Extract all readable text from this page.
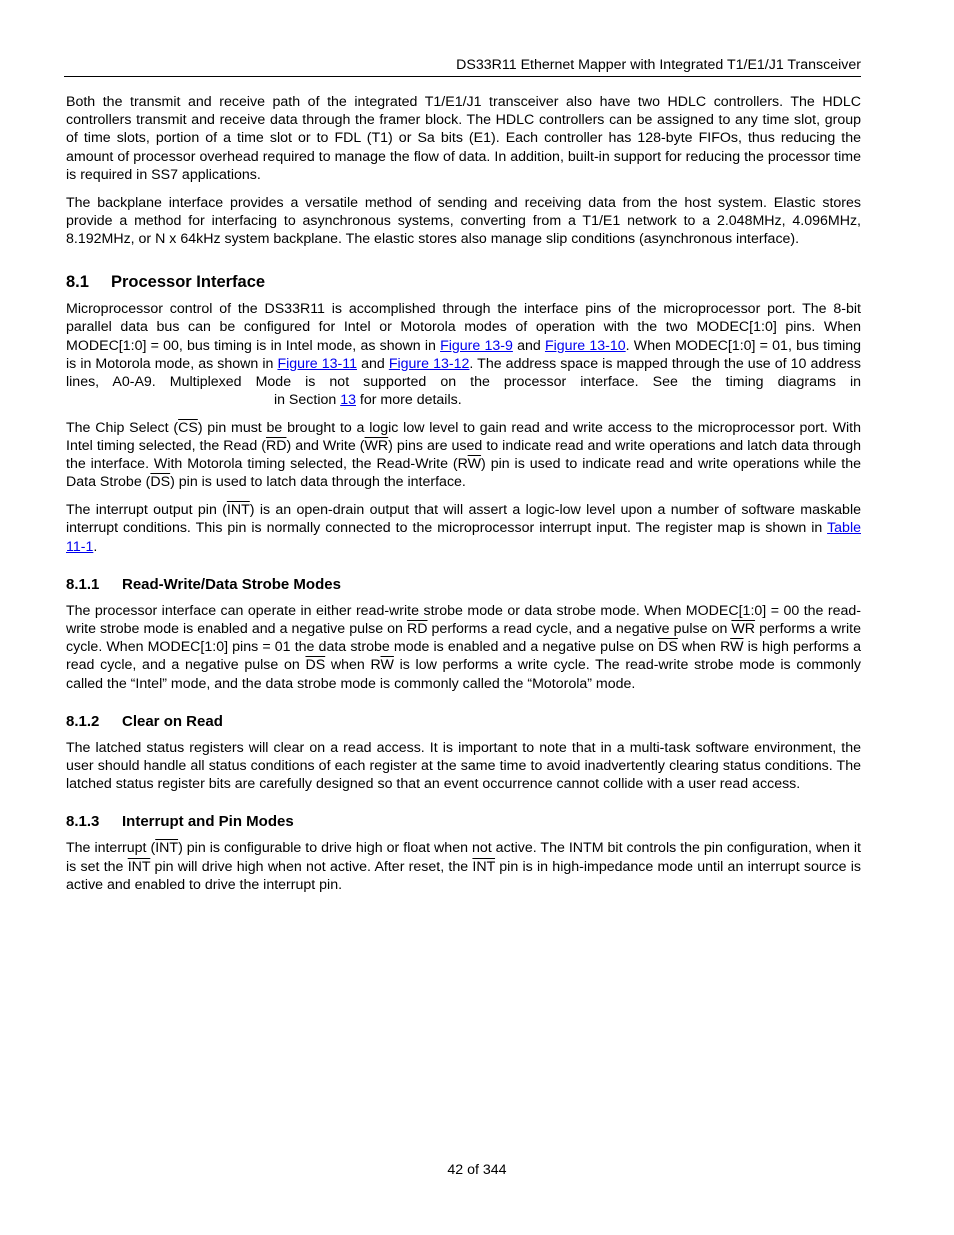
DS33R11 Ethernet Mapper with Integrated T1/E1/J1 Transceiver

Both the transmit and receive path of the integrated T1/E1/J1 transceiver also have two HDLC controllers. The HDLC controllers transmit and receive data through the framer block. The HDLC controllers can be assigned to any time slot, group of time slots, portion of a time slot or to FDL (T1) or Sa bits (E1). Each controller has 128-byte FIFOs, thus reducing the amount of processor overhead required to manage the flow of data. In addition, built-in support for reducing the processor time is required in SS7 applications.

The backplane interface provides a versatile method of sending and receiving data from the host system. Elastic stores provide a method for interfacing to asynchronous systems, converting from a T1/E1 network to a 2.048MHz, 4.096MHz, 8.192MHz, or N x 64kHz system backplane. The elastic stores also manage slip conditions (asynchronous interface).

8.1 Processor Interface

Microprocessor control of the DS33R11 is accomplished through the interface pins of the microprocessor port. The 8-bit parallel data bus can be configured for Intel or Motorola modes of operation with the two MODEC[1:0] pins. When MODEC[1:0] = 00, bus timing is in Intel mode, as shown in Figure 13-9 and Figure 13-10. When MODEC[1:0] = 01, bus timing is in Motorola mode, as shown in Figure 13-11 and Figure 13-12. The address space is mapped through the use of 10 address lines, A0-A9. Multiplexed Mode is not supported on the processor interface. See the timing diagrams in  in Section 13 for more details.

The Chip Select $(\overline{CS})$ pin must be brought to a logic low level to gain read and write access to the microprocessor port. With Intel timing selected, the Read $(\overline{RD})$ and Write $(\overline{WR})$ pins are used to indicate read and write operations and latch data through the interface. With Motorola timing selected, the Read-Write $(R\overline{W})$ pin is used to indicate read and write operations while the Data Strobe $(\overline{DS})$ pin is used to latch data through the interface.

The interrupt output pin $(\overline{INT})$ is an open-drain output that will assert a logic-low level upon a number of software maskable interrupt conditions. This pin is normally connected to the microprocessor interrupt input. The register map is shown in Table 11-1.

8.1.1 Read-Write/Data Strobe Modes

The processor interface can operate in either read-write strobe mode or data strobe mode. When MODEC[1:0] = 00 the read-write strobe mode is enabled and a negative pulse on $\overline{RD}$ performs a read cycle, and a negative pulse on $\overline{WR}$ performs a write cycle. When MODEC[1:0] pins = 01 the data strobe mode is enabled and a negative pulse on $\overline{DS}$ when $R\overline{W}$ is high performs a read cycle, and a negative pulse on $\overline{DS}$ when $R\overline{W}$ is low performs a write cycle. The read-write strobe mode is commonly called the “Intel” mode, and the data strobe mode is commonly called the “Motorola” mode.

8.1.2 Clear on Read

The latched status registers will clear on a read access. It is important to note that in a multi-task software environment, the user should handle all status conditions of each register at the same time to avoid inadvertently clearing status conditions. The latched status register bits are carefully designed so that an event occurrence cannot collide with a user read access.

8.1.3 Interrupt and Pin Modes

The interrupt $(\overline{INT})$ pin is configurable to drive high or float when not active. The INTM bit controls the pin configuration, when it is set the $\overline{INT}$ pin will drive high when not active. After reset, the $\overline{INT}$ pin is in high-impedance mode until an interrupt source is active and enabled to drive the interrupt pin.

42 of 344
